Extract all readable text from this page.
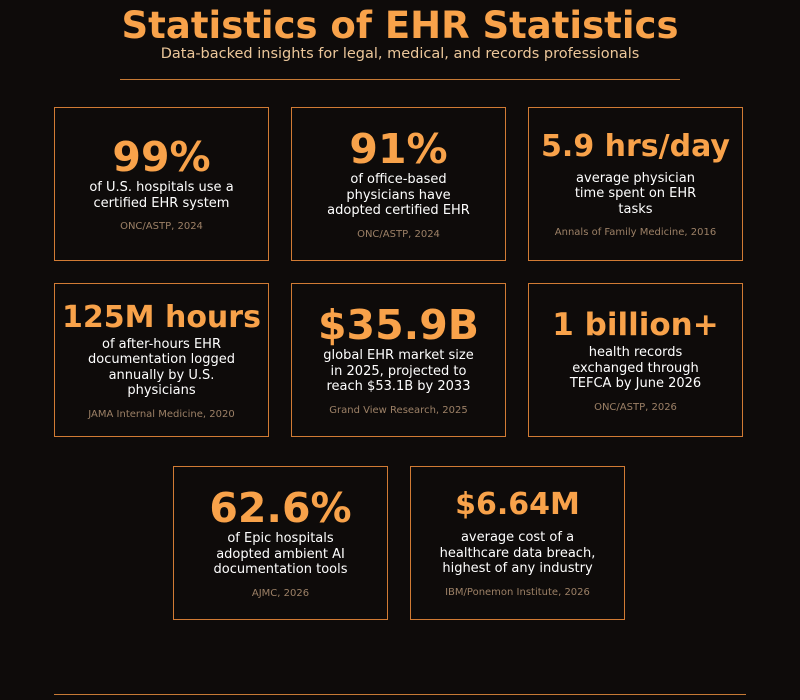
Statistics of EHR Statistics
Data-backed insights for legal, medical, and records professionals
99%
of U.S. hospitals use a certified EHR system
ONC/ASTP, 2024
91%
of office-based physicians have adopted certified EHR
ONC/ASTP, 2024
5.9 hrs/day
average physician time spent on EHR tasks
Annals of Family Medicine, 2016
125M hours
of after-hours EHR documentation logged annually by U.S. physicians
JAMA Internal Medicine, 2020
$35.9B
global EHR market size in 2025, projected to reach $53.1B by 2033
Grand View Research, 2025
1 billion+
health records exchanged through TEFCA by June 2026
ONC/ASTP, 2026
62.6%
of Epic hospitals adopted ambient AI documentation tools
AJMC, 2026
$6.64M
average cost of a healthcare data breach, highest of any industry
IBM/Ponemon Institute, 2026
